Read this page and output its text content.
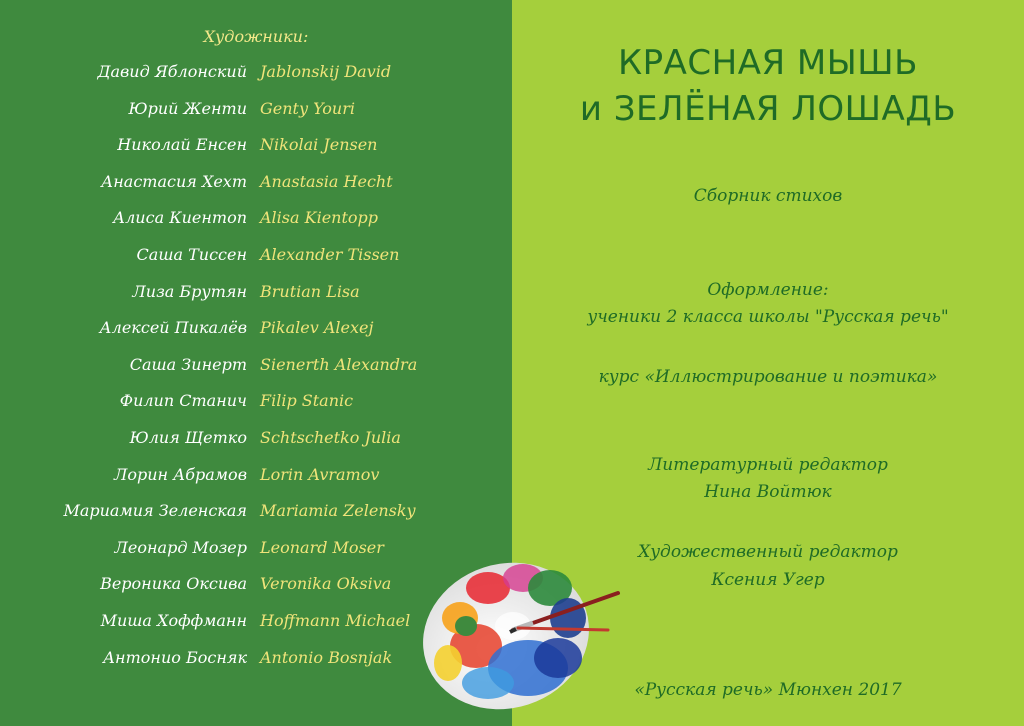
Художники:
Давид Яблонский Jablonskij David
Юрий Женти Genty Youri
Николай Енсен Nikolai Jensen
Анастасия Хехт Anastasia Hecht
Алиса Киентоп Alisa Kientopp
Саша Тиссен Alexander Tissen
Лиза Брутян Brutian Lisa
Алексей Пикалёв Pikalev Alexej
Саша Зинерт Sienerth Alexandra
Филип Станич Filip Stanic
Юлия Щетко Schtschetko Julia
Лорин Абрамов Lorin Avramov
Мариамия Зеленская Mariamia Zelensky
Леонард Мозер Leonard Moser
Вероника Оксива Veronika Oksiva
Миша Хоффманн Hoffmann Michael
Антонио Босняк Antonio Bosnjak
КРАСНАЯ МЫШЬ
и ЗЕЛЁНАЯ ЛОШАДЬ
Сборник стихов
Оформление:
ученики 2 класса школы "Русская речь"
курс «Иллюстрирование и поэтика»
Литературный редактор
Нина Войтюк
Художественный редактор
Ксения Угер
«Русская речь» Мюнхен 2017
